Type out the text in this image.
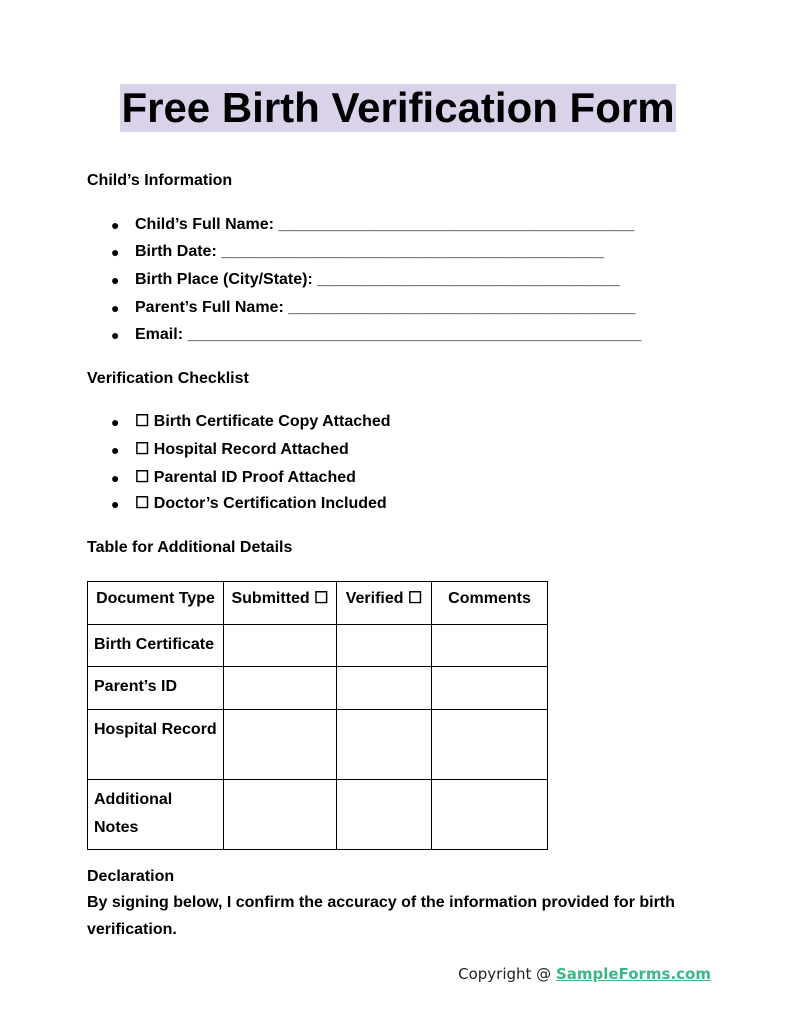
Free Birth Verification Form
Child’s Information
● Child’s Full Name: ________________________________________
● Birth Date: ___________________________________________
● Birth Place (City/State): __________________________________
● Parent’s Full Name: _______________________________________
● Email: ___________________________________________________
Verification Checklist
● ☐ Birth Certificate Copy Attached
● ☐ Hospital Record Attached
● ☐ Parental ID Proof Attached
● ☐ Doctor’s Certification Included
Table for Additional Details
Document Type	Submitted ☐	Verified ☐	Comments
Birth Certificate			
Parent’s ID			
Hospital Record			
Additional Notes			
Declaration
By signing below, I confirm the accuracy of the information provided for birth verification.
Copyright @ SampleForms.com
